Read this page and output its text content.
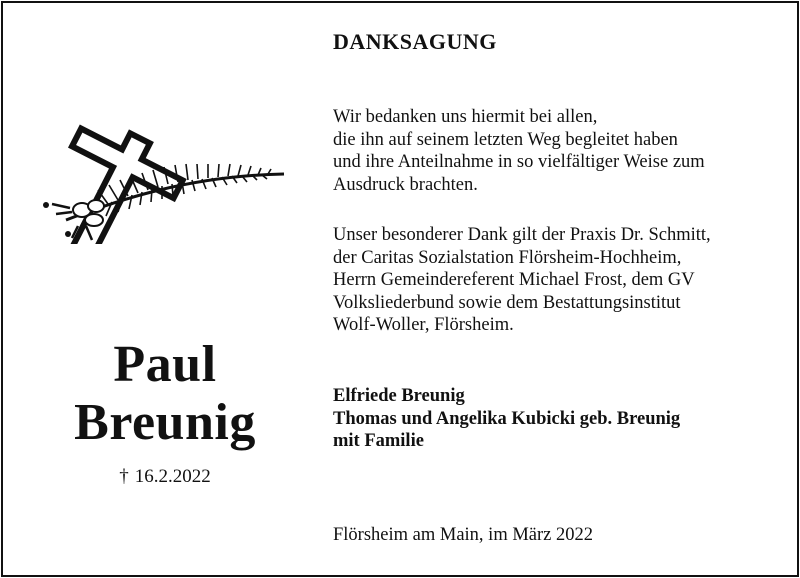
Paul
Breunig
† 16.2.2022
DANKSAGUNG
Wir bedanken uns hiermit bei allen,
die ihn auf seinem letzten Weg begleitet haben
und ihre Anteilnahme in so vielfältiger Weise zum
Ausdruck brachten.
Unser besonderer Dank gilt der Praxis Dr. Schmitt,
der Caritas Sozialstation Flörsheim-Hochheim,
Herrn Gemeindereferent Michael Frost, dem GV
Volksliederbund sowie dem Bestattungsinstitut
Wolf-Woller, Flörsheim.
Elfriede Breunig
Thomas und Angelika Kubicki geb. Breunig
mit Familie
Flörsheim am Main, im März 2022
